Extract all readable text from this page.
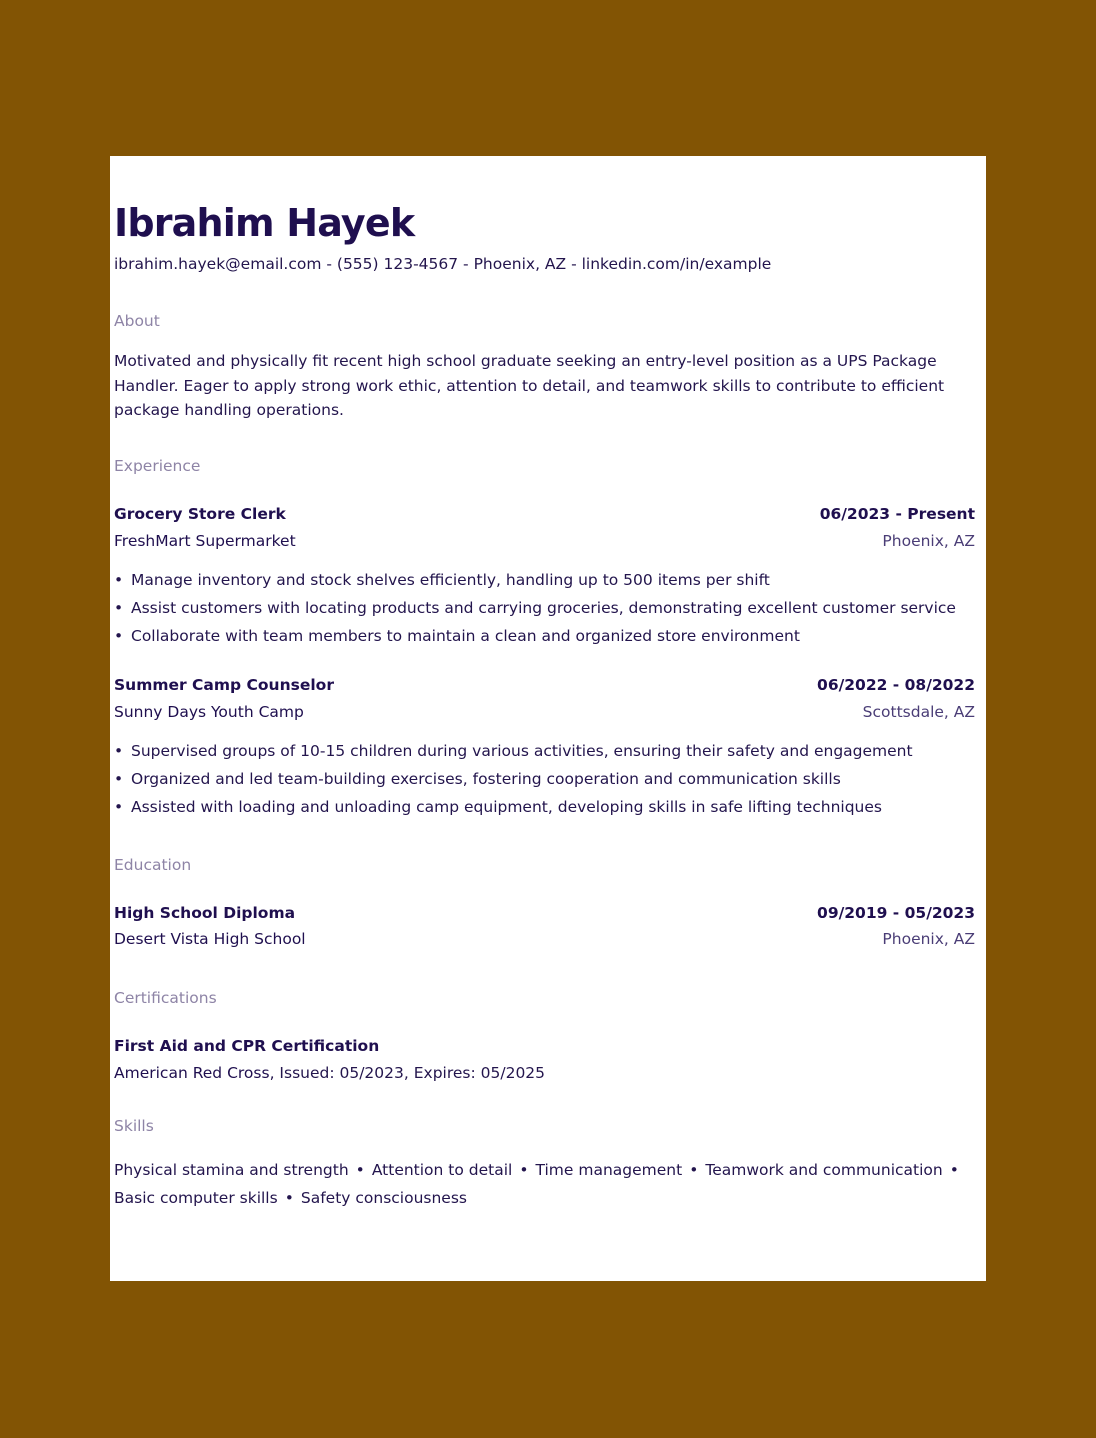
Ibrahim Hayek
ibrahim.hayek@email.com - (555) 123-4567 - Phoenix, AZ - linkedin.com/in/example
About
Motivated and physically fit recent high school graduate seeking an entry-level position as a UPS Package Handler. Eager to apply strong work ethic, attention to detail, and teamwork skills to contribute to efficient package handling operations.
Experience
Grocery Store Clerk	06/2023 - Present
FreshMart Supermarket	Phoenix, AZ
• Manage inventory and stock shelves efficiently, handling up to 500 items per shift
• Assist customers with locating products and carrying groceries, demonstrating excellent customer service
• Collaborate with team members to maintain a clean and organized store environment
Summer Camp Counselor	06/2022 - 08/2022
Sunny Days Youth Camp	Scottsdale, AZ
• Supervised groups of 10-15 children during various activities, ensuring their safety and engagement
• Organized and led team-building exercises, fostering cooperation and communication skills
• Assisted with loading and unloading camp equipment, developing skills in safe lifting techniques
Education
High School Diploma	09/2019 - 05/2023
Desert Vista High School	Phoenix, AZ
Certifications
First Aid and CPR Certification
American Red Cross, Issued: 05/2023, Expires: 05/2025
Skills
Physical stamina and strength • Attention to detail • Time management • Teamwork and communication •
Basic computer skills • Safety consciousness
